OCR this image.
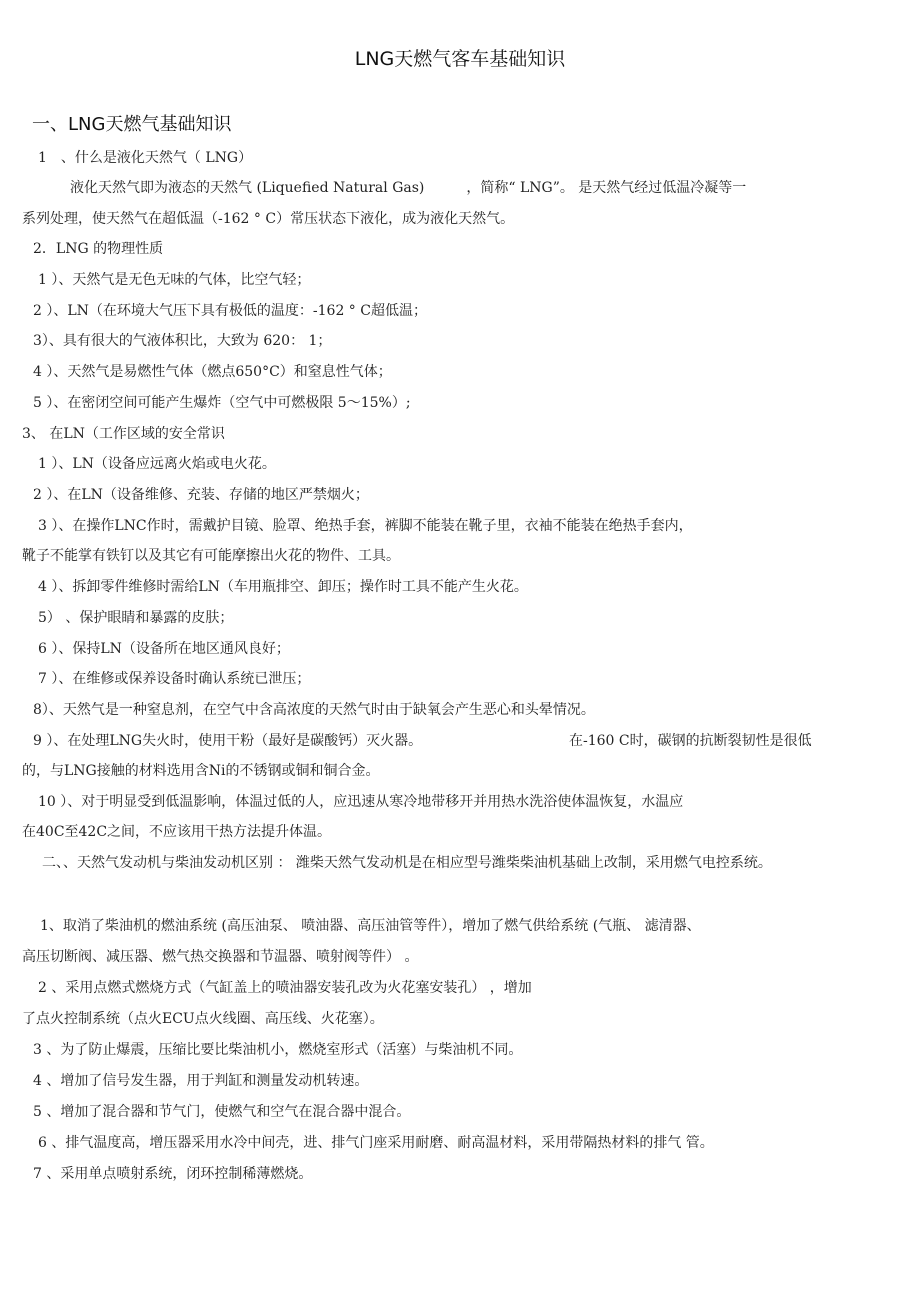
LNG天燃气客车基础知识
一、LNG天燃气基础知识
1　、什么是液化天然气（ LNG）
液化天然气即为液态的天然气 (Liquefied Natural Gas)　　　，简称“ LNG”。 是天然气经过低温冷凝等一
系列处理，使天然气在超低温（-162 ° C）常压状态下液化，成为液化天然气。
2．LNG 的物理性质
1 ）、天然气是无色无味的气体，比空气轻；
2 ）、LN（在环境大气压下具有极低的温度：-162 ° C超低温；
3）、具有很大的气液体积比，大致为 620： 1；
4 ）、天然气是易燃性气体（燃点650°C）和窒息性气体；
5 ）、在密闭空间可能产生爆炸（空气中可燃极限 5～15%）;
3、 在LN（工作区域的安全常识
1 ）、LN（设备应远离火焰或电火花。
2 ）、在LN（设备维修、充装、存储的地区严禁烟火；
3 ）、在操作LNC作时，需戴护目镜、脸罩、绝热手套，裤脚不能装在靴子里，衣袖不能装在绝热手套内，
靴子不能掌有铁钉以及其它有可能摩擦出火花的物件、工具。
4 ）、拆卸零件维修时需给LN（车用瓶排空、卸压；操作时工具不能产生火花。
5） 、保护眼睛和暴露的皮肤；
6 ）、保持LN（设备所在地区通风良好；
7 ）、在维修或保养设备时确认系统已泄压；
8）、天然气是一种窒息剂，在空气中含高浓度的天然气时由于缺氧会产生恶心和头晕情况。
9 ）、在处理LNG失火时，使用干粉（最好是碳酸钙）灭火器。	在-160 C时，碳钢的抗断裂韧性是很低
的，与LNG接触的材料选用含Ni的不锈钢或铜和铜合金。
10 ）、对于明显受到低温影响，体温过低的人，应迅速从寒冷地带移开并用热水洗浴使体温恢复，水温应
在40C至42C之间，不应该用干热方法提升体温。
二、、天然气发动机与柴油发动机区别 ： 潍柴天然气发动机是在相应型号潍柴柴油机基础上改制，采用燃气电控系统。
1、取消了柴油机的燃油系统 (高压油泵、 喷油器、高压油管等件），增加了燃气供给系统 (气瓶、 滤清器、
高压切断阀、减压器、燃气热交换器和节温器、喷射阀等件） 。
2 、采用点燃式燃烧方式（气缸盖上的喷油器安装孔改为火花塞安装孔） ，增加
了点火控制系统（点火ECU点火线圈、高压线、火花塞）。
3 、为了防止爆震，压缩比要比柴油机小，燃烧室形式（活塞）与柴油机不同。
4 、增加了信号发生器，用于判缸和测量发动机转速。
5 、增加了混合器和节气门，使燃气和空气在混合器中混合。
6 、排气温度高，增压器采用水冷中间壳，进、排气门座采用耐磨、耐高温材料，采用带隔热材料的排气 管。
7 、采用单点喷射系统，闭环控制稀薄燃烧。
